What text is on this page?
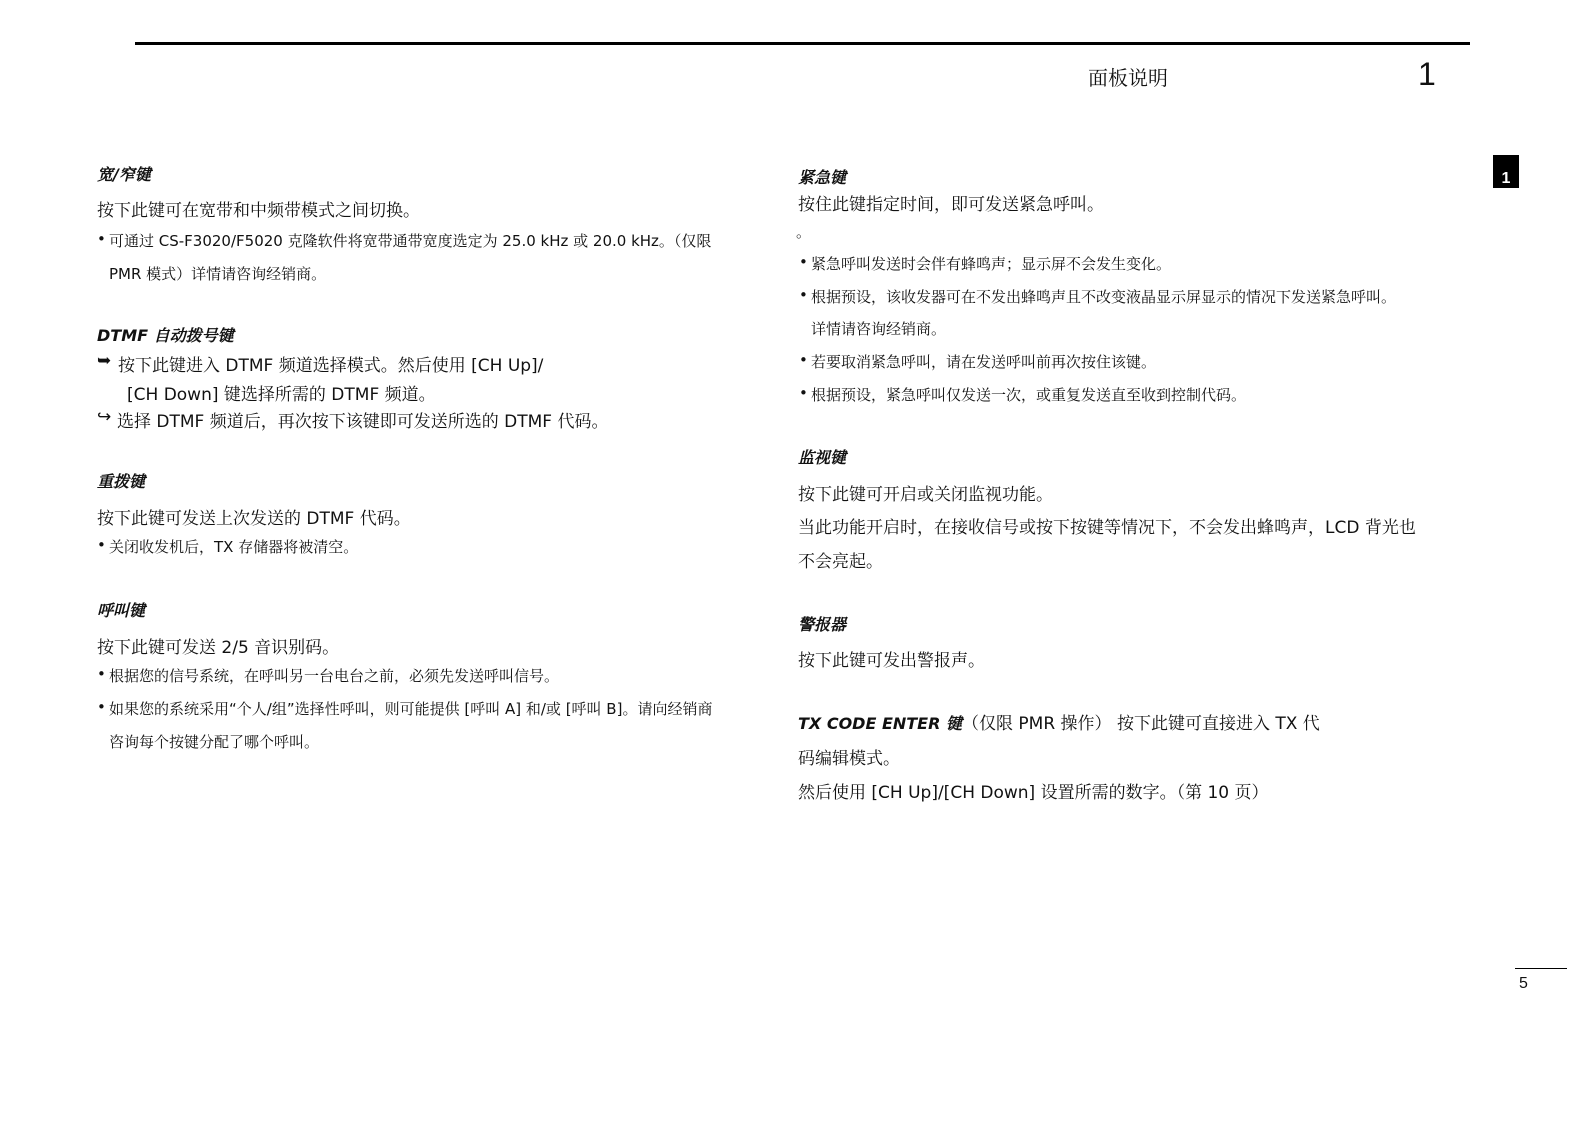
面板说明	1
1
宽/窄键
按下此键可在宽带和中频带模式之间切换。
• 可通过 CS-F3020/F5020 克隆软件将宽带通带宽度选定为 25.0 kHz 或 20.0 kHz。（仅限
PMR 模式）详情请咨询经销商。
DTMF 自动拨号键
➥ 按下此键进入 DTMF 频道选择模式。然后使用 [CH Up]/
[CH Down] 键选择所需的 DTMF 频道。
↪ 选择 DTMF 频道后，再次按下该键即可发送所选的 DTMF 代码。
重拨键
按下此键可发送上次发送的 DTMF 代码。
• 关闭收发机后，TX 存储器将被清空。
呼叫键
按下此键可发送 2/5 音识别码。
• 根据您的信号系统，在呼叫另一台电台之前，必须先发送呼叫信号。
• 如果您的系统采用“个人/组”选择性呼叫，则可能提供 [呼叫 A] 和/或 [呼叫 B]。请向经销商
咨询每个按键分配了哪个呼叫。
紧急键
按住此键指定时间，即可发送紧急呼叫。
。
• 紧急呼叫发送时会伴有蜂鸣声；显示屏不会发生变化。
• 根据预设，该收发器可在不发出蜂鸣声且不改变液晶显示屏显示的情况下发送紧急呼叫。
详情请咨询经销商。
• 若要取消紧急呼叫，请在发送呼叫前再次按住该键。
• 根据预设，紧急呼叫仅发送一次，或重复发送直至收到控制代码。
监视键
按下此键可开启或关闭监视功能。
当此功能开启时，在接收信号或按下按键等情况下，不会发出蜂鸣声，LCD 背光也
不会亮起。
警报器
按下此键可发出警报声。
TX CODE ENTER 键（仅限 PMR 操作） 按下此键可直接进入 TX 代
码编辑模式。
然后使用 [CH Up]/[CH Down] 设置所需的数字。（第 10 页）
5
